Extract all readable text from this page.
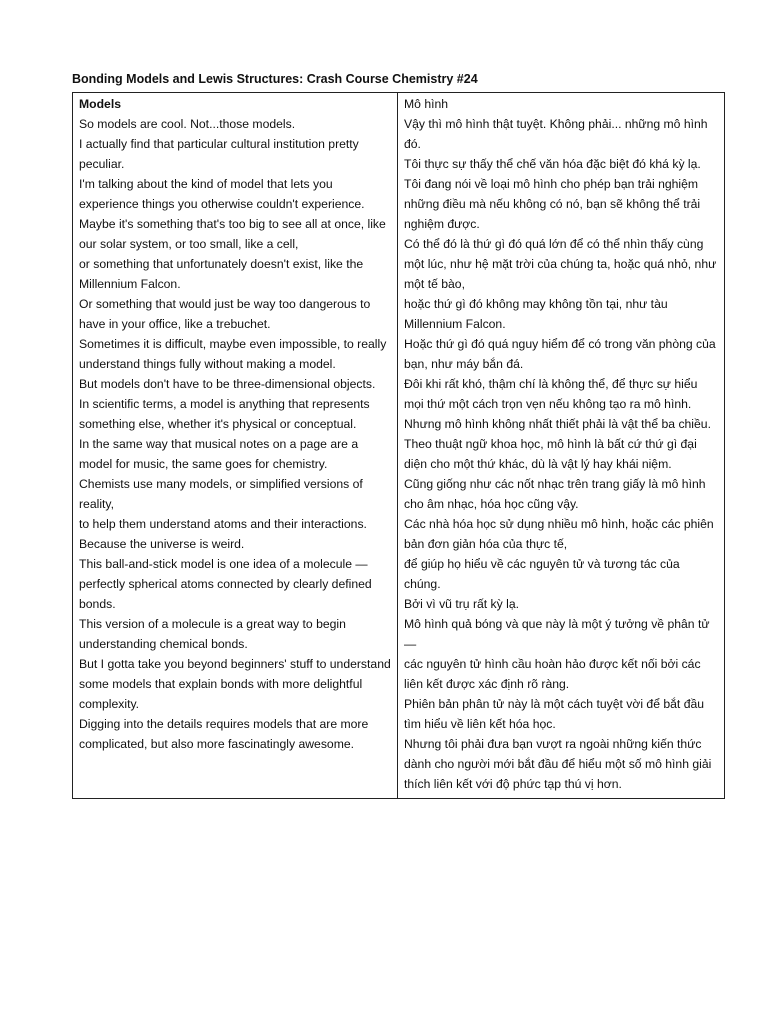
Bonding Models and Lewis Structures: Crash Course Chemistry #24
Models
So models are cool. Not...those models.
I actually find that particular cultural institution pretty peculiar.
I'm talking about the kind of model that lets you experience things you otherwise couldn't experience.
Maybe it's something that's too big to see all at once, like our solar system, or too small, like a cell,
or something that unfortunately doesn't exist, like the Millennium Falcon.
Or something that would just be way too dangerous to have in your office, like a trebuchet.
Sometimes it is difficult, maybe even impossible, to really understand things fully without making a model.
But models don't have to be three-dimensional objects.
In scientific terms, a model is anything that represents something else, whether it's physical or conceptual.
In the same way that musical notes on a page are a model for music, the same goes for chemistry.
Chemists use many models, or simplified versions of reality,
to help them understand atoms and their interactions.
Because the universe is weird.
This ball-and-stick model is one idea of a molecule —
perfectly spherical atoms connected by clearly defined bonds.
This version of a molecule is a great way to begin understanding chemical bonds.
But I gotta take you beyond beginners' stuff to understand some models that explain bonds with more delightful complexity.
Digging into the details requires models that are more complicated, but also more fascinatingly awesome.

Mô hình
Vậy thì mô hình thật tuyệt. Không phải... những mô hình đó.
Tôi thực sự thấy thể chế văn hóa đặc biệt đó khá kỳ lạ.
Tôi đang nói về loại mô hình cho phép bạn trải nghiệm những điều mà nếu không có nó, bạn sẽ không thể trải nghiệm được.
Có thể đó là thứ gì đó quá lớn để có thể nhìn thấy cùng một lúc, như hệ mặt trời của chúng ta, hoặc quá nhỏ, như một tế bào,
hoặc thứ gì đó không may không tồn tại, như tàu Millennium Falcon.
Hoặc thứ gì đó quá nguy hiểm để có trong văn phòng của bạn, như máy bắn đá.
Đôi khi rất khó, thậm chí là không thể, để thực sự hiểu mọi thứ một cách trọn vẹn nếu không tạo ra mô hình.
Nhưng mô hình không nhất thiết phải là vật thể ba chiều.
Theo thuật ngữ khoa học, mô hình là bất cứ thứ gì đại diện cho một thứ khác, dù là vật lý hay khái niệm.
Cũng giống như các nốt nhạc trên trang giấy là mô hình cho âm nhạc, hóa học cũng vậy.
Các nhà hóa học sử dụng nhiều mô hình, hoặc các phiên bản đơn giản hóa của thực tế,
để giúp họ hiểu về các nguyên tử và tương tác của chúng.
Bởi vì vũ trụ rất kỳ lạ.
Mô hình quả bóng và que này là một ý tưởng về phân tử —
các nguyên tử hình cầu hoàn hảo được kết nối bởi các liên kết được xác định rõ ràng.
Phiên bản phân tử này là một cách tuyệt vời để bắt đầu tìm hiểu về liên kết hóa học.
Nhưng tôi phải đưa bạn vượt ra ngoài những kiến thức dành cho người mới bắt đầu để hiểu một số mô hình giải thích liên kết với độ phức tạp thú vị hơn.
